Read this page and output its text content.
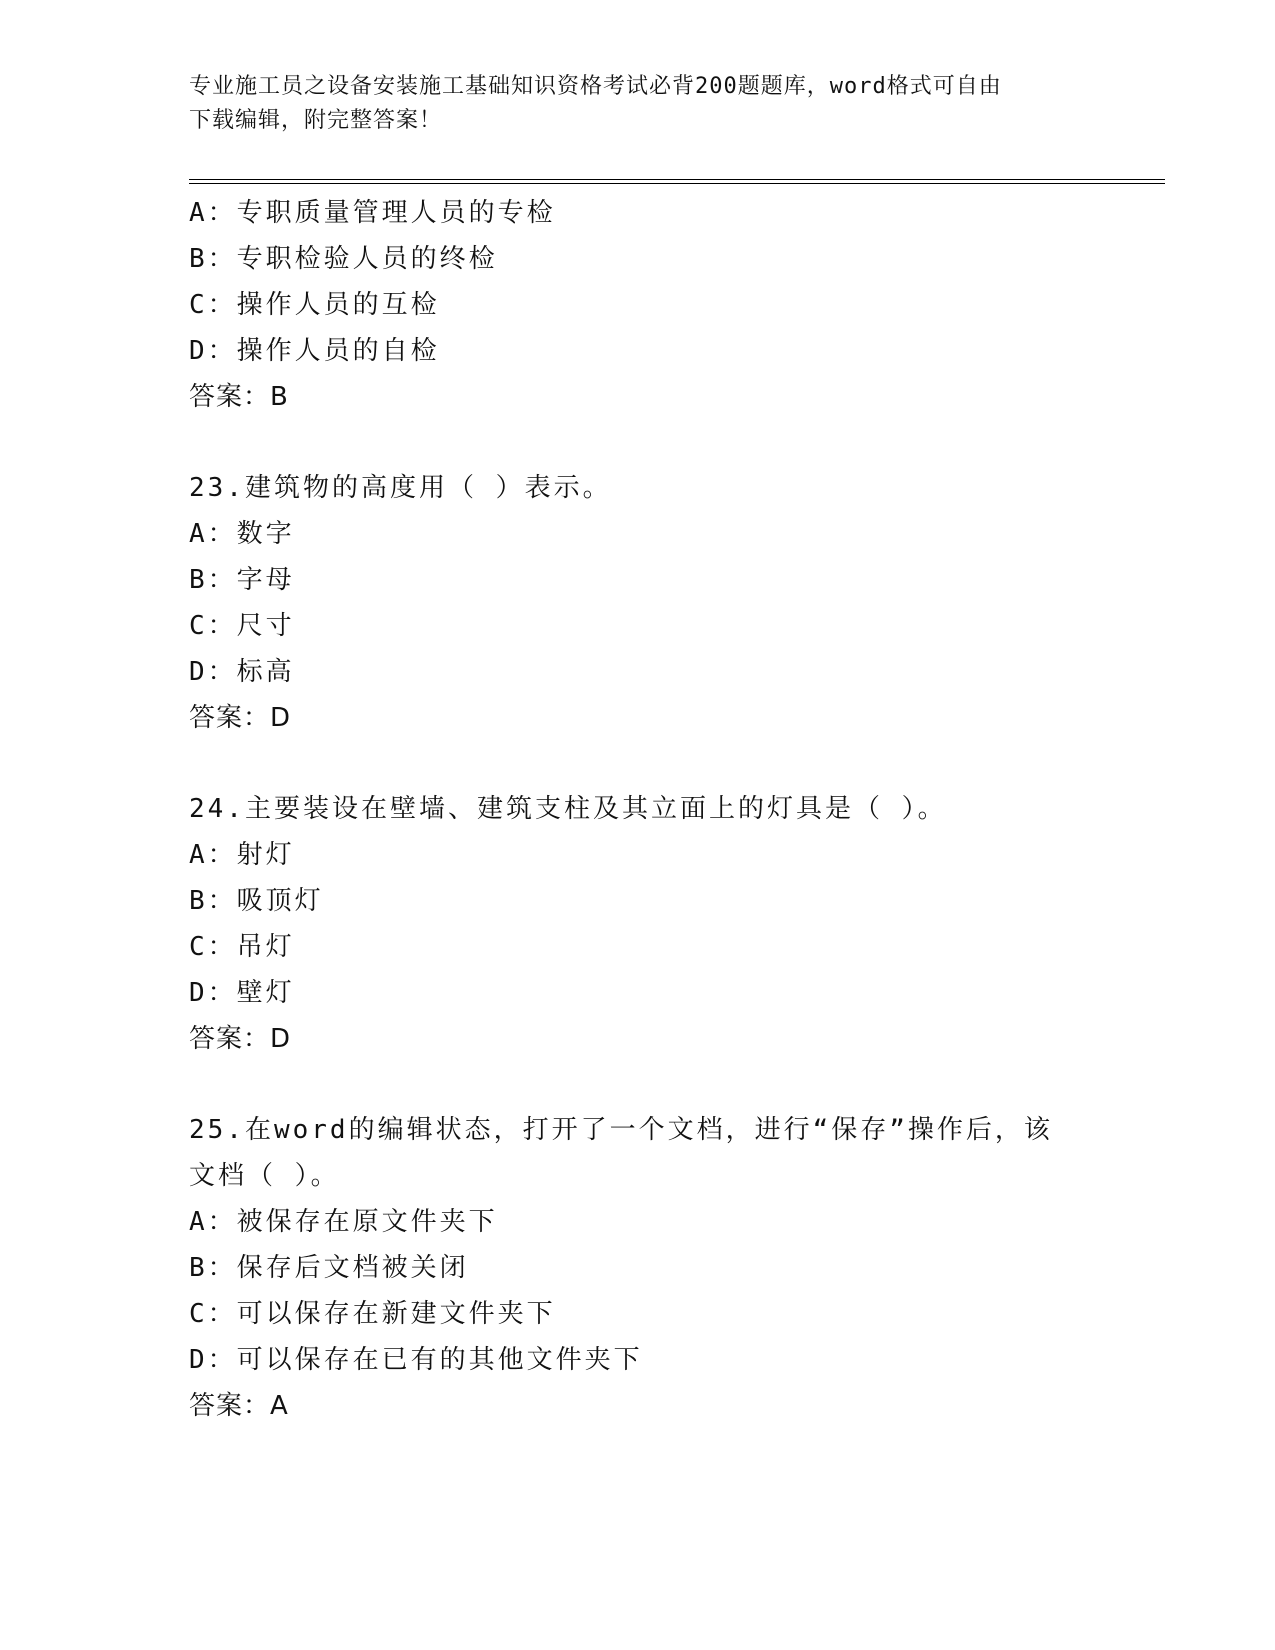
专业施工员之设备安装施工基础知识资格考试必背200题题库，word格式可自由
下载编辑，附完整答案！
A：专职质量管理人员的专检
B：专职检验人员的终检
C：操作人员的互检
D：操作人员的自检
答案：B
23.建筑物的高度用（ ）表示。
A：数字
B：字母
C：尺寸
D：标高
答案：D
24.主要装设在壁墙、建筑支柱及其立面上的灯具是（ ）。
A：射灯
B：吸顶灯
C：吊灯
D：壁灯
答案：D
25.在word的编辑状态，打开了一个文档，进行“保存”操作后，该
文档（ ）。
A：被保存在原文件夹下
B：保存后文档被关闭
C：可以保存在新建文件夹下
D：可以保存在已有的其他文件夹下
答案：A
